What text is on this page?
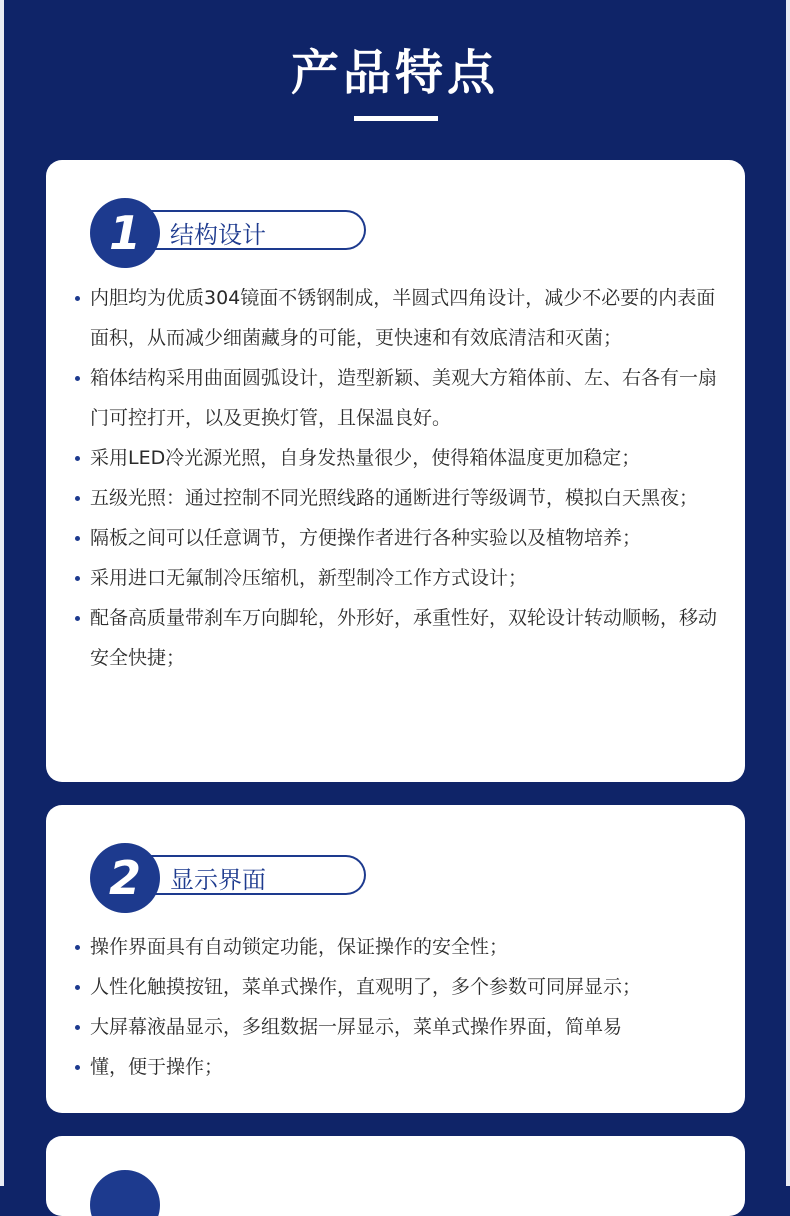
产品特点
1	结构设计
内胆均为优质304镜面不锈钢制成，半圆式四角设计，减少不必要的内表面面积，从而减少细菌藏身的可能，更快速和有效底清洁和灭菌；
箱体结构采用曲面圆弧设计，造型新颖、美观大方箱体前、左、右各有一扇门可控打开，以及更换灯管，且保温良好。
采用LED冷光源光照，自身发热量很少，使得箱体温度更加稳定；
五级光照：通过控制不同光照线路的通断进行等级调节，模拟白天黑夜；
隔板之间可以任意调节，方便操作者进行各种实验以及植物培养；
采用进口无氟制冷压缩机，新型制冷工作方式设计；
配备高质量带刹车万向脚轮，外形好，承重性好，双轮设计转动顺畅，移动安全快捷；
2	显示界面
操作界面具有自动锁定功能，保证操作的安全性；
人性化触摸按钮，菜单式操作，直观明了，多个参数可同屏显示；
大屏幕液晶显示，多组数据一屏显示，菜单式操作界面，简单易
懂，便于操作；
